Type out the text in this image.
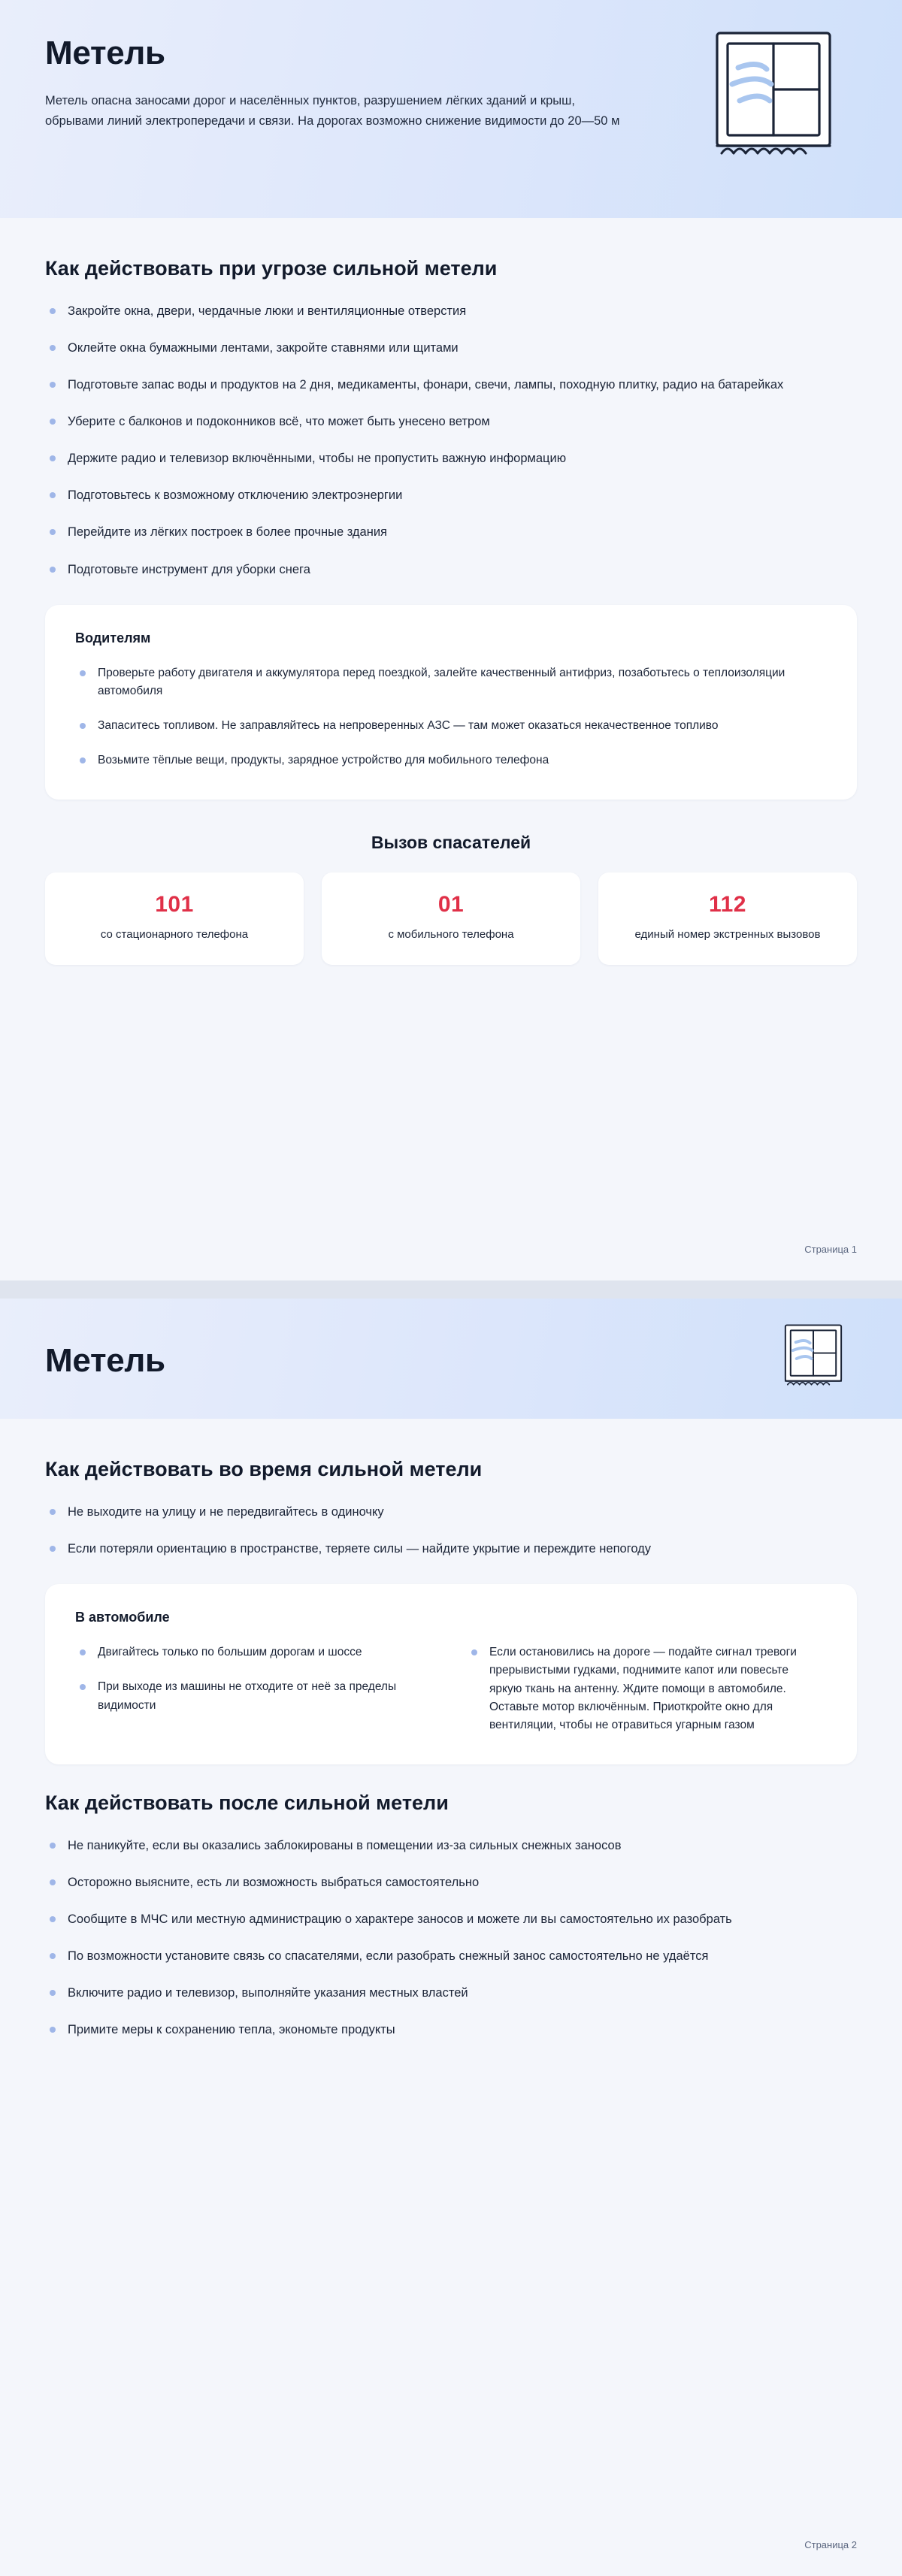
Метель
Метель опасна заносами дорог и населённых пунктов, разрушением лёгких зданий и крыш, обрывами линий электропередачи и связи. На дорогах возможно снижение видимости до 20—50 м
Как действовать при угрозе сильной метели
Закройте окна, двери, чердачные люки и вентиляционные отверстия
Оклейте окна бумажными лентами, закройте ставнями или щитами
Подготовьте запас воды и продуктов на 2 дня, медикаменты, фонари, свечи, лампы, походную плитку, радио на батарейках
Уберите с балконов и подоконников всё, что может быть унесено ветром
Держите радио и телевизор включёнными, чтобы не пропустить важную информацию
Подготовьтесь к возможному отключению электроэнергии
Перейдите из лёгких построек в более прочные здания
Подготовьте инструмент для уборки снега
Водителям
Проверьте работу двигателя и аккумулятора перед поездкой, залейте качественный антифриз, позаботьтесь о теплоизоляции автомобиля
Запаситесь топливом. Не заправляйтесь на непроверенных АЗС — там может оказаться некачественное топливо
Возьмите тёплые вещи, продукты, зарядное устройство для мобильного телефона
Вызов спасателей
101
со стационарного телефона
01
с мобильного телефона
112
единый номер экстренных вызовов
Страница 1
Метель
Как действовать во время сильной метели
Не выходите на улицу и не передвигайтесь в одиночку
Если потеряли ориентацию в пространстве, теряете силы — найдите укрытие и переждите непогоду
В автомобиле
Двигайтесь только по большим дорогам и шоссе
При выходе из машины не отходите от неё за пределы видимости
Если остановились на дороге — подайте сигнал тревоги прерывистыми гудками, поднимите капот или повесьте яркую ткань на антенну. Ждите помощи в автомобиле. Оставьте мотор включённым. Приоткройте окно для вентиляции, чтобы не отравиться угарным газом
Как действовать после сильной метели
Не паникуйте, если вы оказались заблокированы в помещении из-за сильных снежных заносов
Осторожно выясните, есть ли возможность выбраться самостоятельно
Сообщите в МЧС или местную администрацию о характере заносов и можете ли вы самостоятельно их разобрать
По возможности установите связь со спасателями, если разобрать снежный занос самостоятельно не удаётся
Включите радио и телевизор, выполняйте указания местных властей
Примите меры к сохранению тепла, экономьте продукты
Страница 2
